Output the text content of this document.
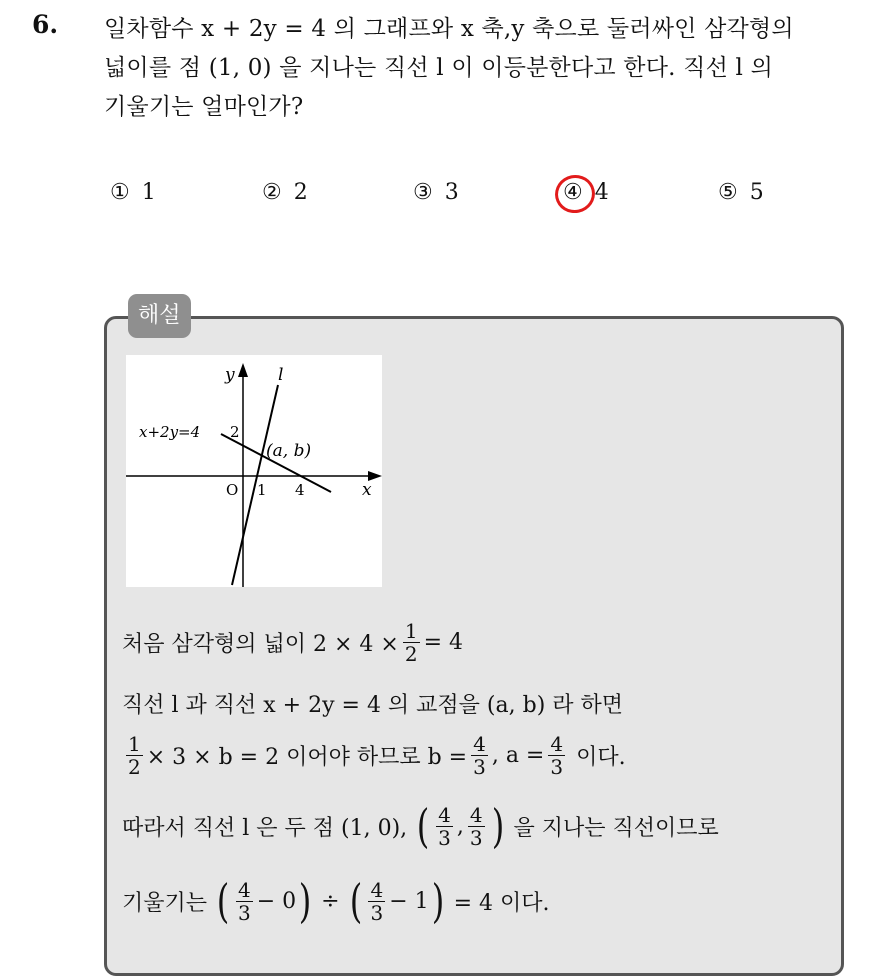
6. 일차함수 x + 2y = 4 의 그래프와 x 축,y 축으로 둘러싸인 삼각형의
넓이를 점 (1, 0) 을 지나는 직선 l 이 이등분한다고 한다. 직선 l 의
기울기는 얼마인가?
① 1	② 2	③ 3	④ 4	⑤ 5
해설
y	l
x+2y=4 2
(a, b)
O 1 4	x
처음 삼각형의 넓이 $2 \times 4 \times \frac{1}{2} = 4$
직선 l 과 직선 x + 2y = 4 의 교점을 (a, b) 라 하면
$\frac{1}{2} \times 3 \times b = 2$ 이어야 하므로 $b = \frac{4}{3}$ , $a = \frac{4}{3}$ 이다.
따라서 직선 l 은 두 점 (1, 0), ( $\frac{4}{3}$ , $\frac{4}{3}$ ) 을 지나는 직선이므로
기울기는 ( $\frac{4}{3} - 0$ ) ÷ ( $\frac{4}{3} - 1$ ) = 4 이다.
